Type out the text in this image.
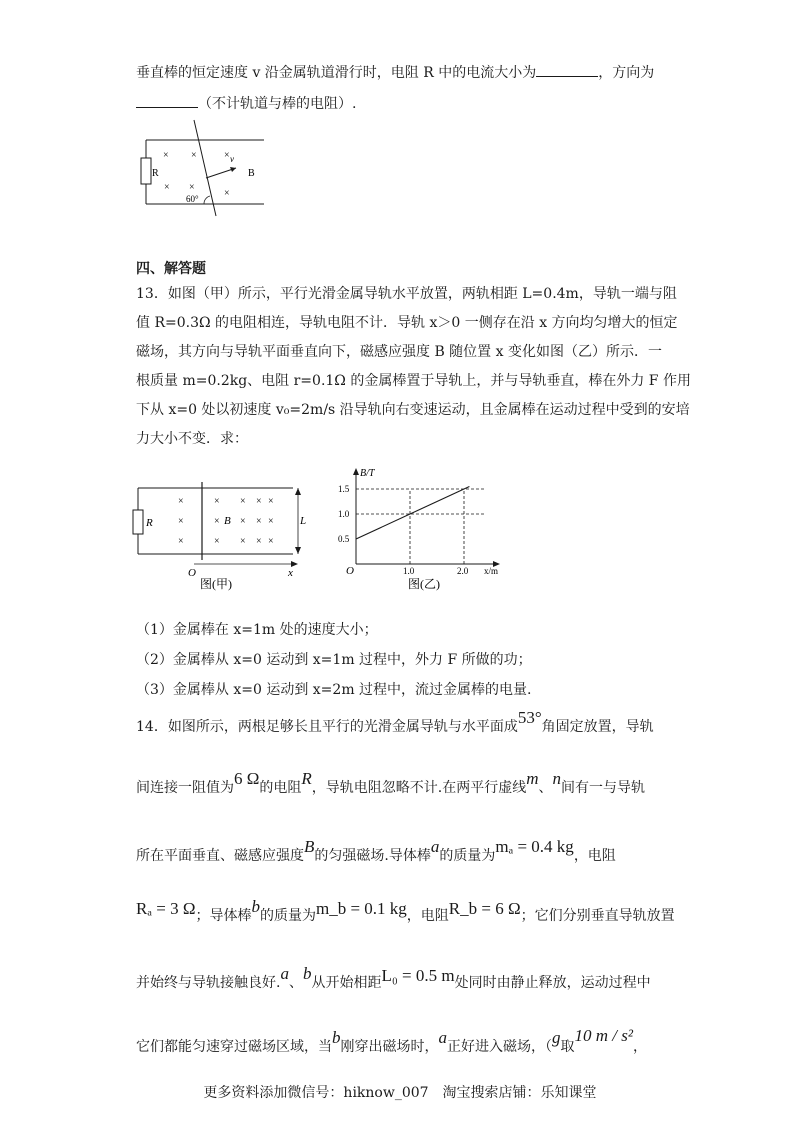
垂直棒的恒定速度 v 沿金属轨道滑行时，电阻 R 中的电流大小为	，方向为
（不计轨道与棒的电阻）.
R
× ×	×
× ×
×
v
B
60°
四、解答题
13．如图（甲）所示，平行光滑金属导轨水平放置，两轨相距 L=0.4m，导轨一端与阻
值 R=0.3Ω 的电阻相连，导轨电阻不计．导轨 x＞0 一侧存在沿 x 方向均匀增大的恒定
磁场，其方向与导轨平面垂直向下，磁感应强度 B 随位置 x 变化如图（乙）所示．一
根质量 m=0.2kg、电阻 r=0.1Ω 的金属棒置于导轨上，并与导轨垂直，棒在外力 F 作用
下从 x=0 处以初速度 v₀=2m/s 沿导轨向右变速运动，且金属棒在运动过程中受到的安培
力大小不变．求：
R
×
×
×
× × × ×
× B × × ×
× × × ×
L
O	x
图(甲)
0.5
1.0
1.5
1.0	2.0
B/T
x/m
O
图(乙)
（1）金属棒在 x=1m 处的速度大小；
（2）金属棒从 x=0 运动到 x=1m 过程中，外力 F 所做的功；
（3）金属棒从 x=0 运动到 x=2m 过程中，流过金属棒的电量.
14．如图所示，两根足够长且平行的光滑金属导轨与水平面成53°角固定放置，导轨
间连接一阻值为6 Ω的电阻R，导轨电阻忽略不计.在两平行虚线m、n间有一与导轨
所在平面垂直、磁感应强度B的匀强磁场.导体棒a的质量为mₐ = 0.4 kg，电阻
Rₐ = 3 Ω；导体棒b的质量为m_b = 0.1 kg，电阻R_b = 6 Ω；它们分别垂直导轨放置
并始终与导轨接触良好.a、b从开始相距L₀ = 0.5 m处同时由静止释放，运动过程中
它们都能匀速穿过磁场区域，当b刚穿出磁场时，a正好进入磁场，（g取10 m / s²，
更多资料添加微信号：hiknow_007　淘宝搜索店铺：乐知课堂
